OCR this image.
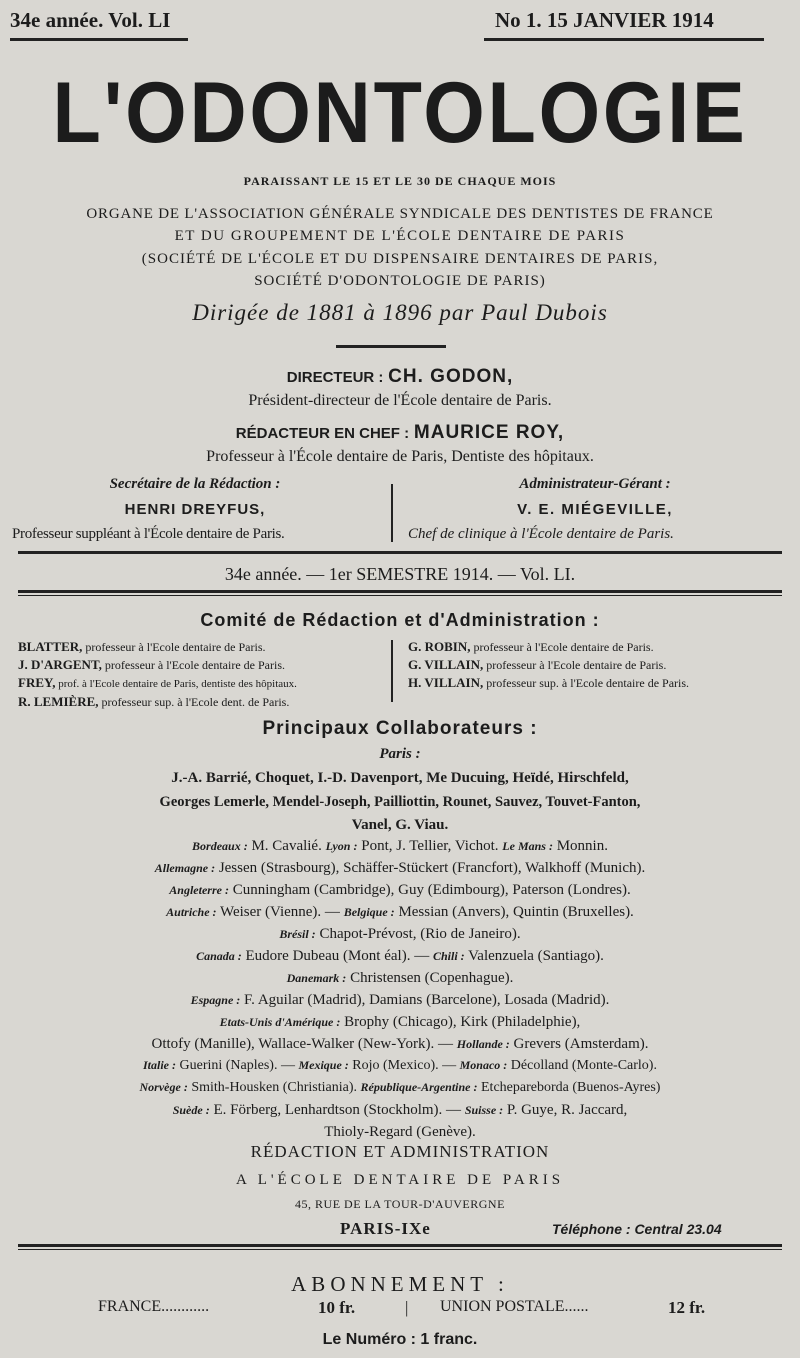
34e année. Vol. LI	No 1. 15 JANVIER 1914
L'ODONTOLOGIE
PARAISSANT LE 15 ET LE 30 DE CHAQUE MOIS
ORGANE DE L'ASSOCIATION GÉNÉRALE SYNDICALE DES DENTISTES DE FRANCE
ET DU GROUPEMENT DE L'ÉCOLE DENTAIRE DE PARIS
(SOCIÉTÉ DE L'ÉCOLE ET DU DISPENSAIRE DENTAIRES DE PARIS,
SOCIÉTÉ D'ODONTOLOGIE DE PARIS)
Dirigée de 1881 à 1896 par Paul Dubois
DIRECTEUR : CH. GODON,
Président-directeur de l'École dentaire de Paris.
RÉDACTEUR EN CHEF : MAURICE ROY,
Professeur à l'École dentaire de Paris, Dentiste des hôpitaux.
Secrétaire de la Rédaction :
HENRI DREYFUS,
Professeur suppléant à l'École dentaire de Paris.
Administrateur-Gérant :
V. E. MIÉGEVILLE,
Chef de clinique à l'École dentaire de Paris.
34e année. — 1er SEMESTRE 1914. — Vol. LI.
Comité de Rédaction et d'Administration :
BLATTER, professeur à l'Ecole dentaire de Paris.
J. D'ARGENT, professeur à l'Ecole dentaire de Paris.
FREY, prof. à l'Ecole dentaire de Paris, dentiste des hôpitaux.
R. LEMIÈRE, professeur sup. à l'Ecole dent. de Paris.
G. ROBIN, professeur à l'Ecole dentaire de Paris.
G. VILLAIN, professeur à l'Ecole dentaire de Paris.
H. VILLAIN, professeur sup. à l'Ecole dentaire de Paris.
Principaux Collaborateurs :
Paris :
J.-A. Barrié, Choquet, I.-D. Davenport, Me Ducuing, Heïdé, Hirschfeld,
Georges Lemerle, Mendel-Joseph, Pailliottin, Rounet, Sauvez, Touvet-Fanton,
Vanel, G. Viau.
Bordeaux : M. Cavalié. Lyon : Pont, J. Tellier, Vichot. Le Mans : Monnin.
Allemagne : Jessen (Strasbourg), Schäffer-Stückert (Francfort), Walkhoff (Munich).
Angleterre : Cunningham (Cambridge), Guy (Edimbourg), Paterson (Londres).
Autriche : Weiser (Vienne). — Belgique : Messian (Anvers), Quintin (Bruxelles).
Brésil : Chapot-Prévost, (Rio de Janeiro).
Canada : Eudore Dubeau (Mont éal). — Chili : Valenzuela (Santiago).
Danemark : Christensen (Copenhague).
Espagne : F. Aguilar (Madrid), Damians (Barcelone), Losada (Madrid).
Etats-Unis d'Amérique : Brophy (Chicago), Kirk (Philadelphie),
Ottofy (Manille), Wallace-Walker (New-York). — Hollande : Grevers (Amsterdam).
Italie : Guerini (Naples). — Mexique : Rojo (Mexico). — Monaco : Décolland (Monte-Carlo).
Norvège : Smith-Housken (Christiania). République-Argentine : Etchepareborda (Buenos-Ayres)
Suède : E. Förberg, Lenhardtson (Stockholm). — Suisse : P. Guye, R. Jaccard,
Thioly-Regard (Genève).
RÉDACTION ET ADMINISTRATION
A L'ÉCOLE DENTAIRE DE PARIS
45, RUE DE LA TOUR-D'AUVERGNE
PARIS-IXe	Téléphone : Central 23.04
ABONNEMENT :
FRANCE............	10 fr.	| UNION POSTALE......	12 fr.
Le Numéro : 1 franc.
